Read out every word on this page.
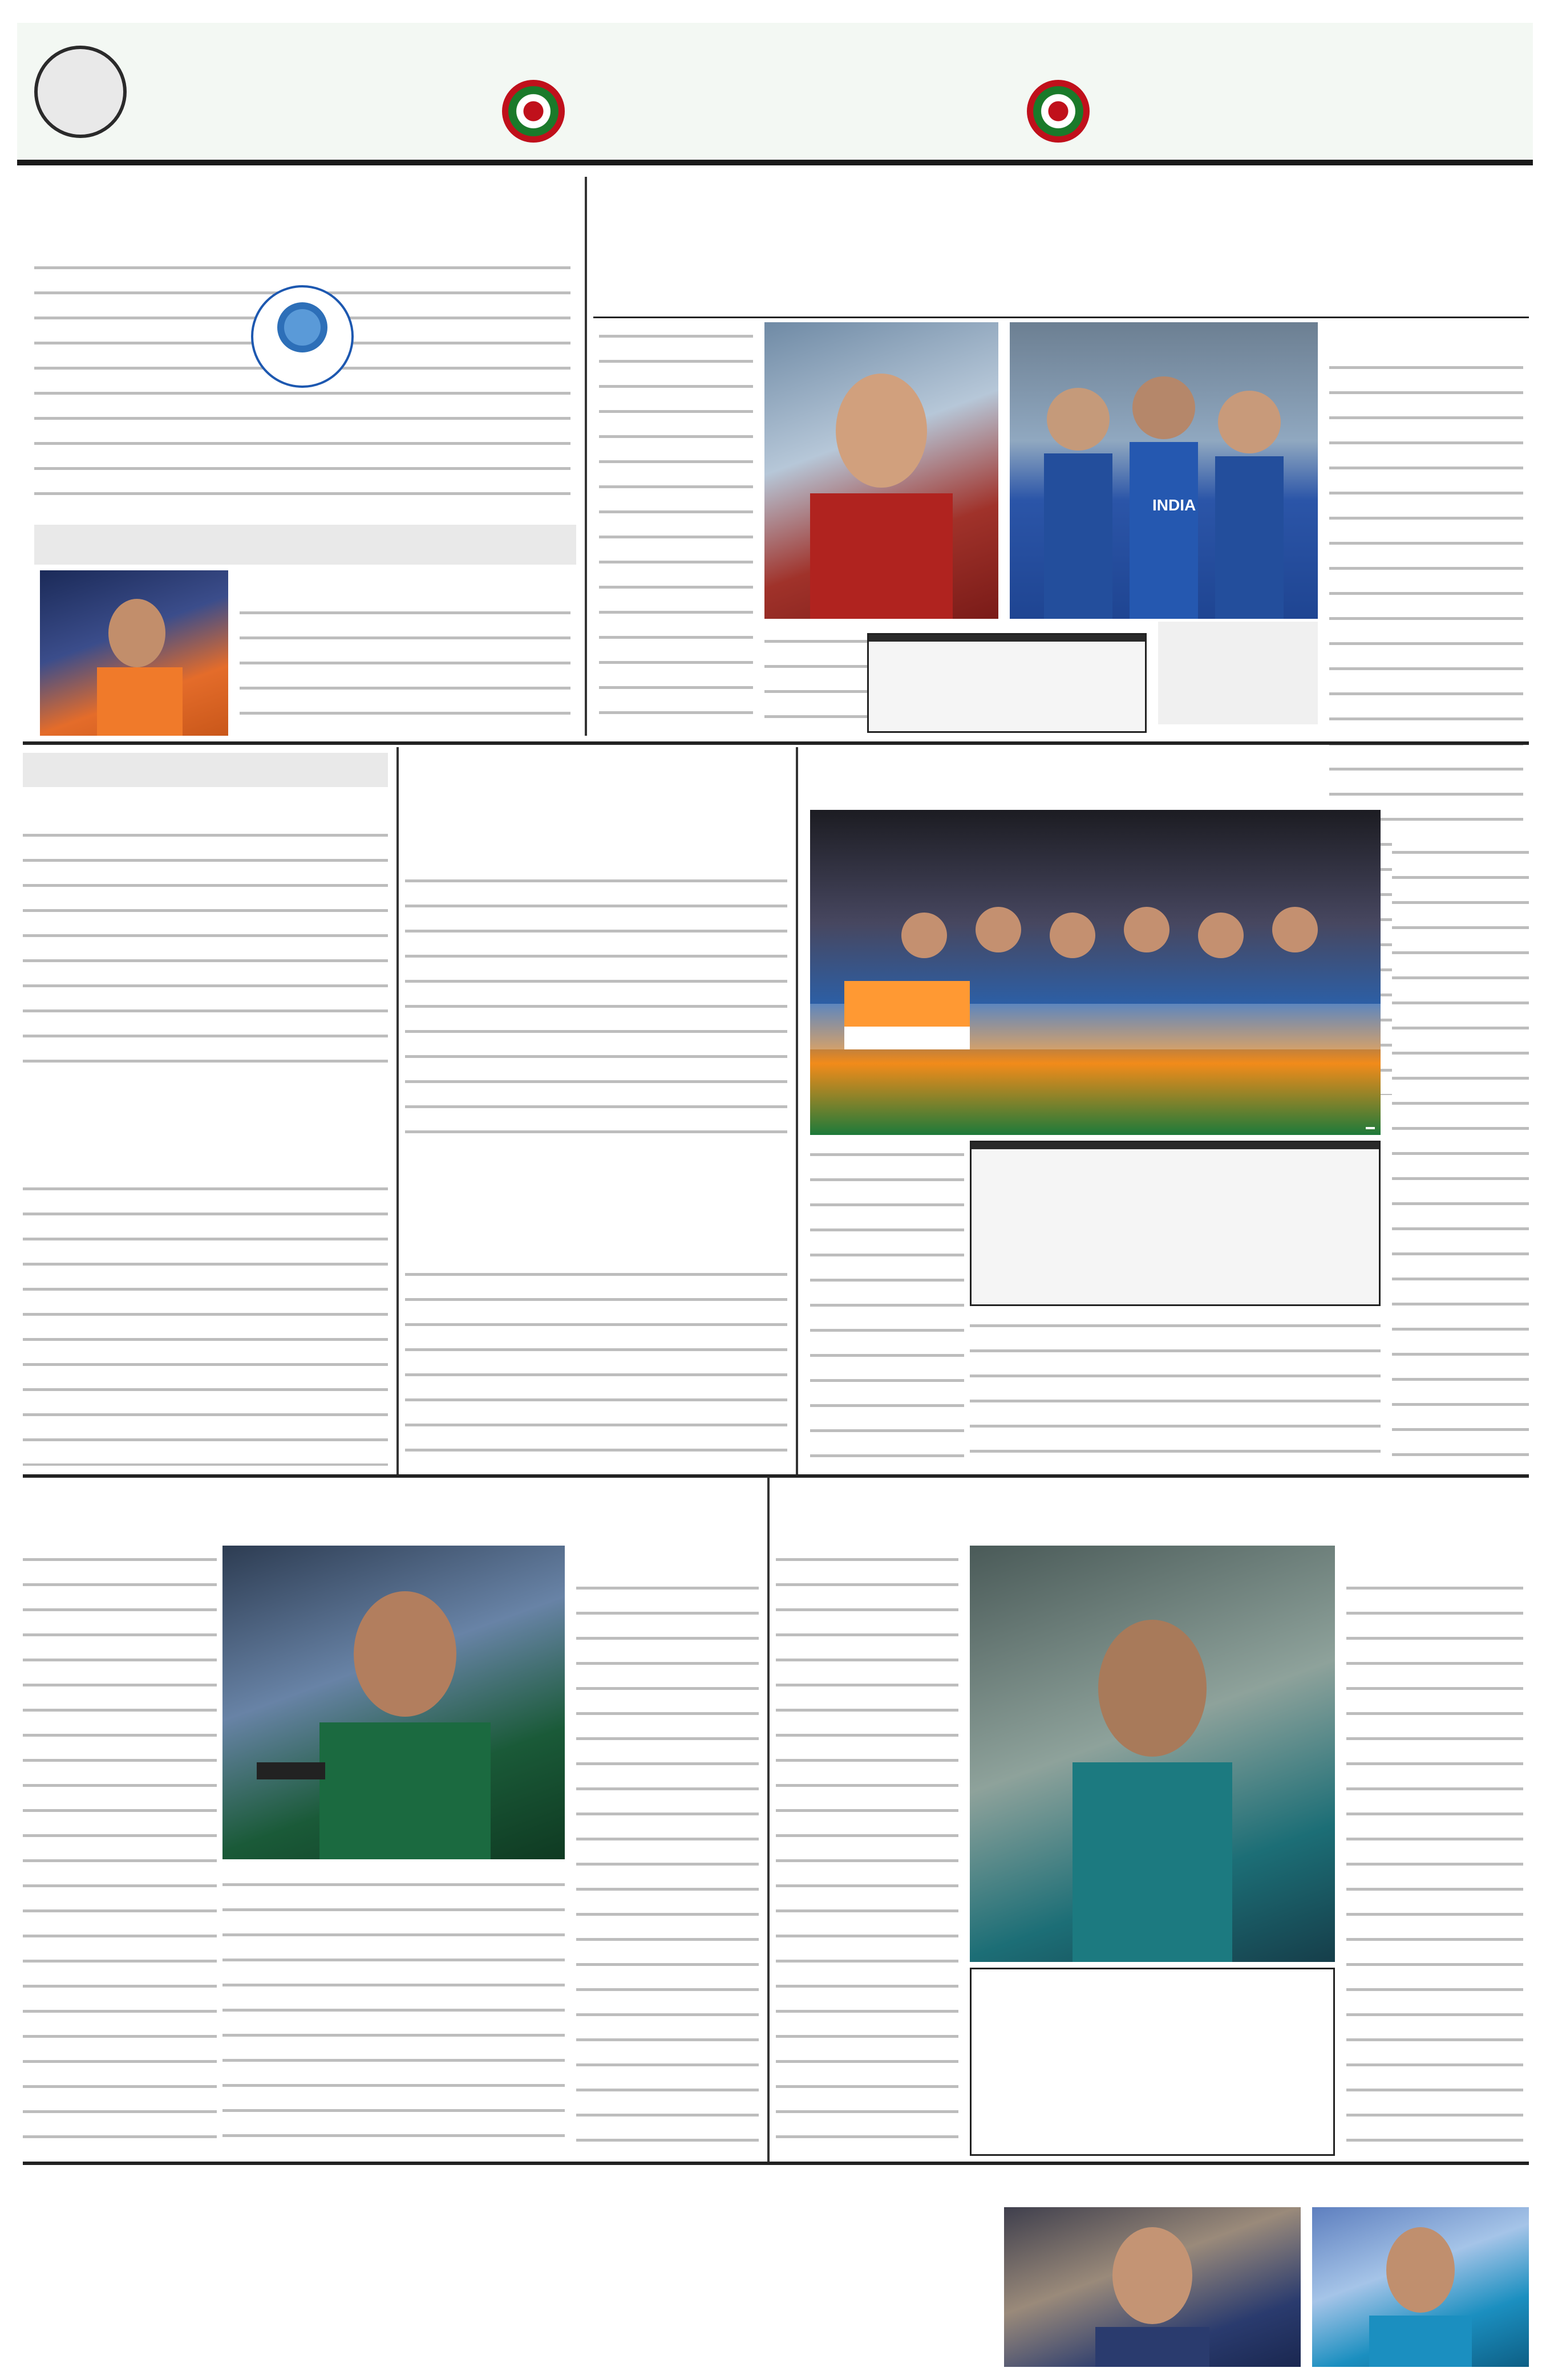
INDIA
